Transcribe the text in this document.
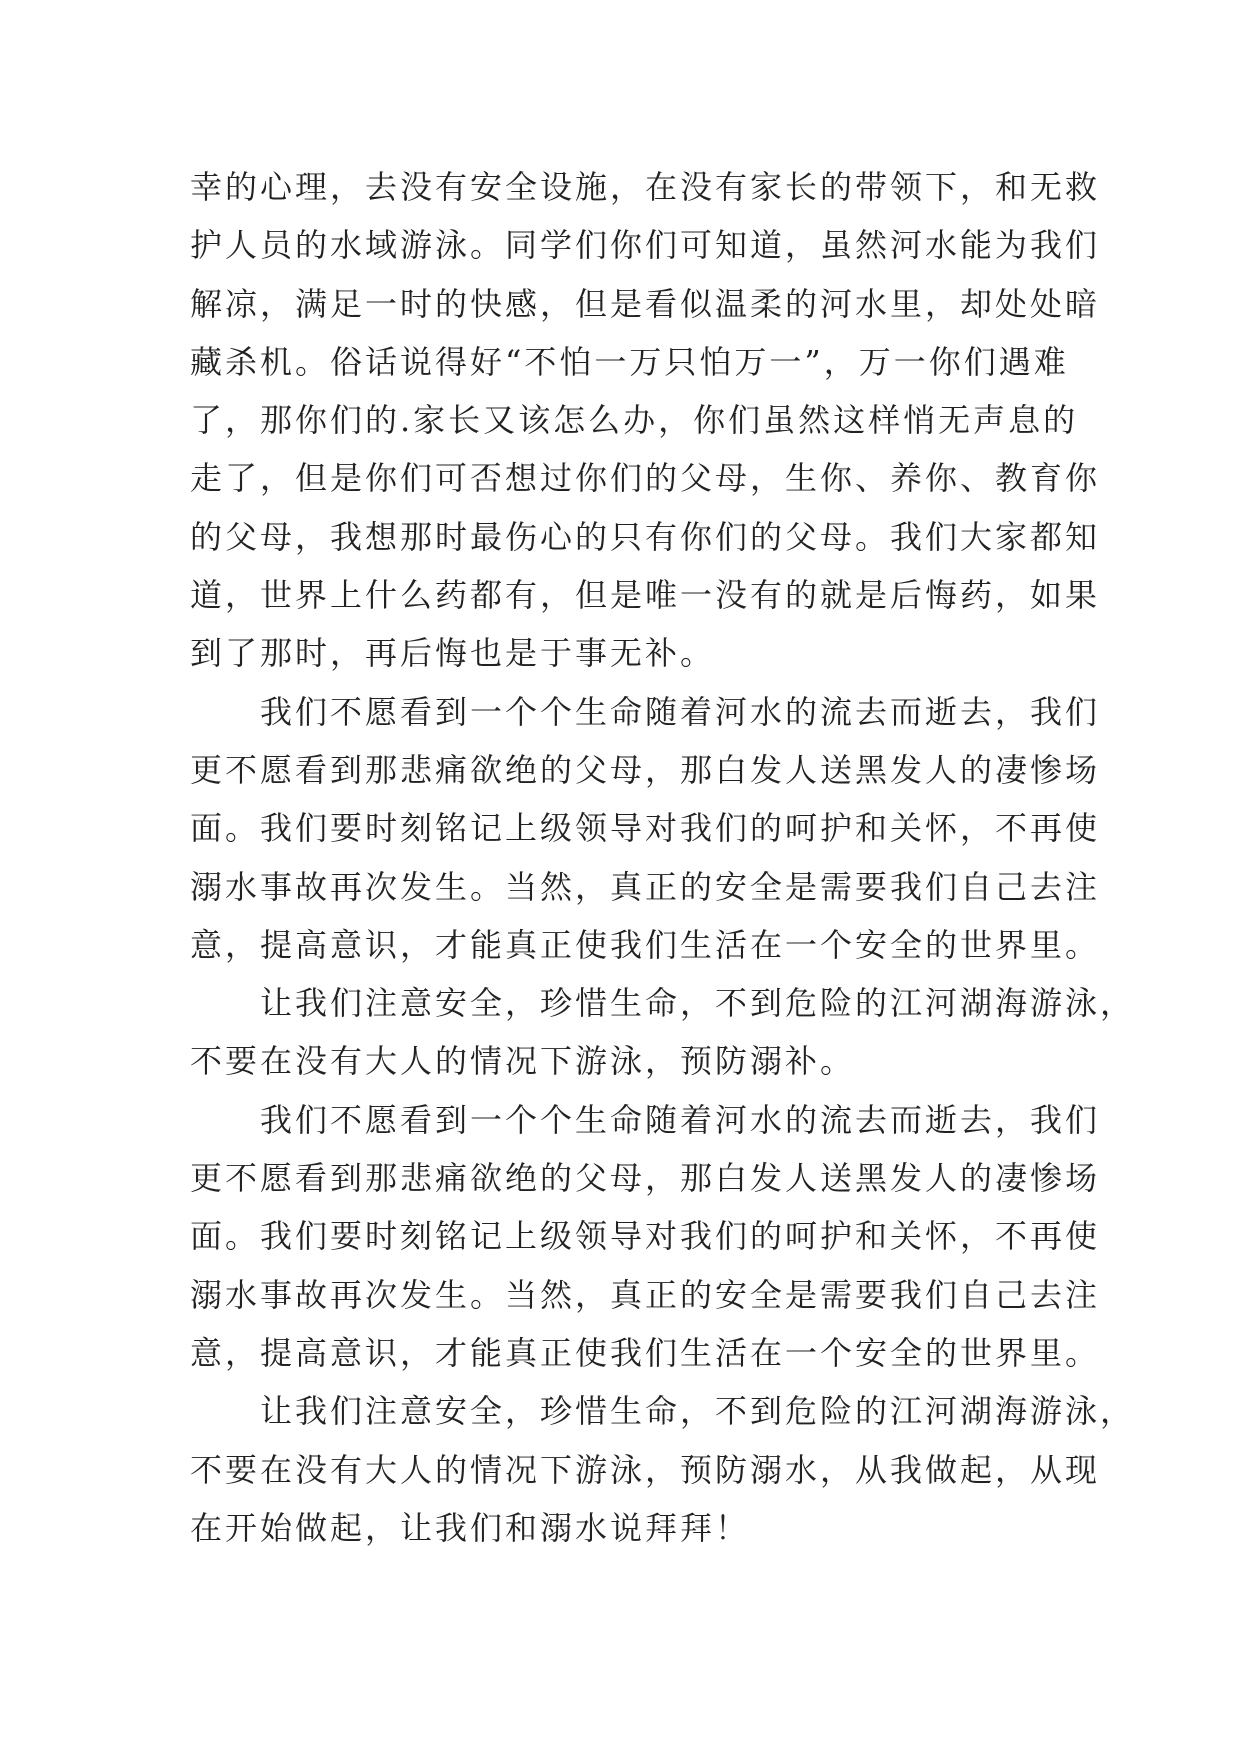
幸的心理，去没有安全设施，在没有家长的带领下，和无救
护人员的水域游泳。同学们你们可知道，虽然河水能为我们
解凉，满足一时的快感，但是看似温柔的河水里，却处处暗
藏杀机。俗话说得好“不怕一万只怕万一”，万一你们遇难
了，那你们的.家长又该怎么办，你们虽然这样悄无声息的
走了，但是你们可否想过你们的父母，生你、养你、教育你
的父母，我想那时最伤心的只有你们的父母。我们大家都知
道，世界上什么药都有，但是唯一没有的就是后悔药，如果
到了那时，再后悔也是于事无补。
我们不愿看到一个个生命随着河水的流去而逝去，我们
更不愿看到那悲痛欲绝的父母，那白发人送黑发人的凄惨场
面。我们要时刻铭记上级领导对我们的呵护和关怀，不再使
溺水事故再次发生。当然，真正的安全是需要我们自己去注
意，提高意识，才能真正使我们生活在一个安全的世界里。
让我们注意安全，珍惜生命，不到危险的江河湖海游泳，
不要在没有大人的情况下游泳，预防溺补。
我们不愿看到一个个生命随着河水的流去而逝去，我们
更不愿看到那悲痛欲绝的父母，那白发人送黑发人的凄惨场
面。我们要时刻铭记上级领导对我们的呵护和关怀，不再使
溺水事故再次发生。当然，真正的安全是需要我们自己去注
意，提高意识，才能真正使我们生活在一个安全的世界里。
让我们注意安全，珍惜生命，不到危险的江河湖海游泳，
不要在没有大人的情况下游泳，预防溺水，从我做起，从现
在开始做起，让我们和溺水说拜拜！
